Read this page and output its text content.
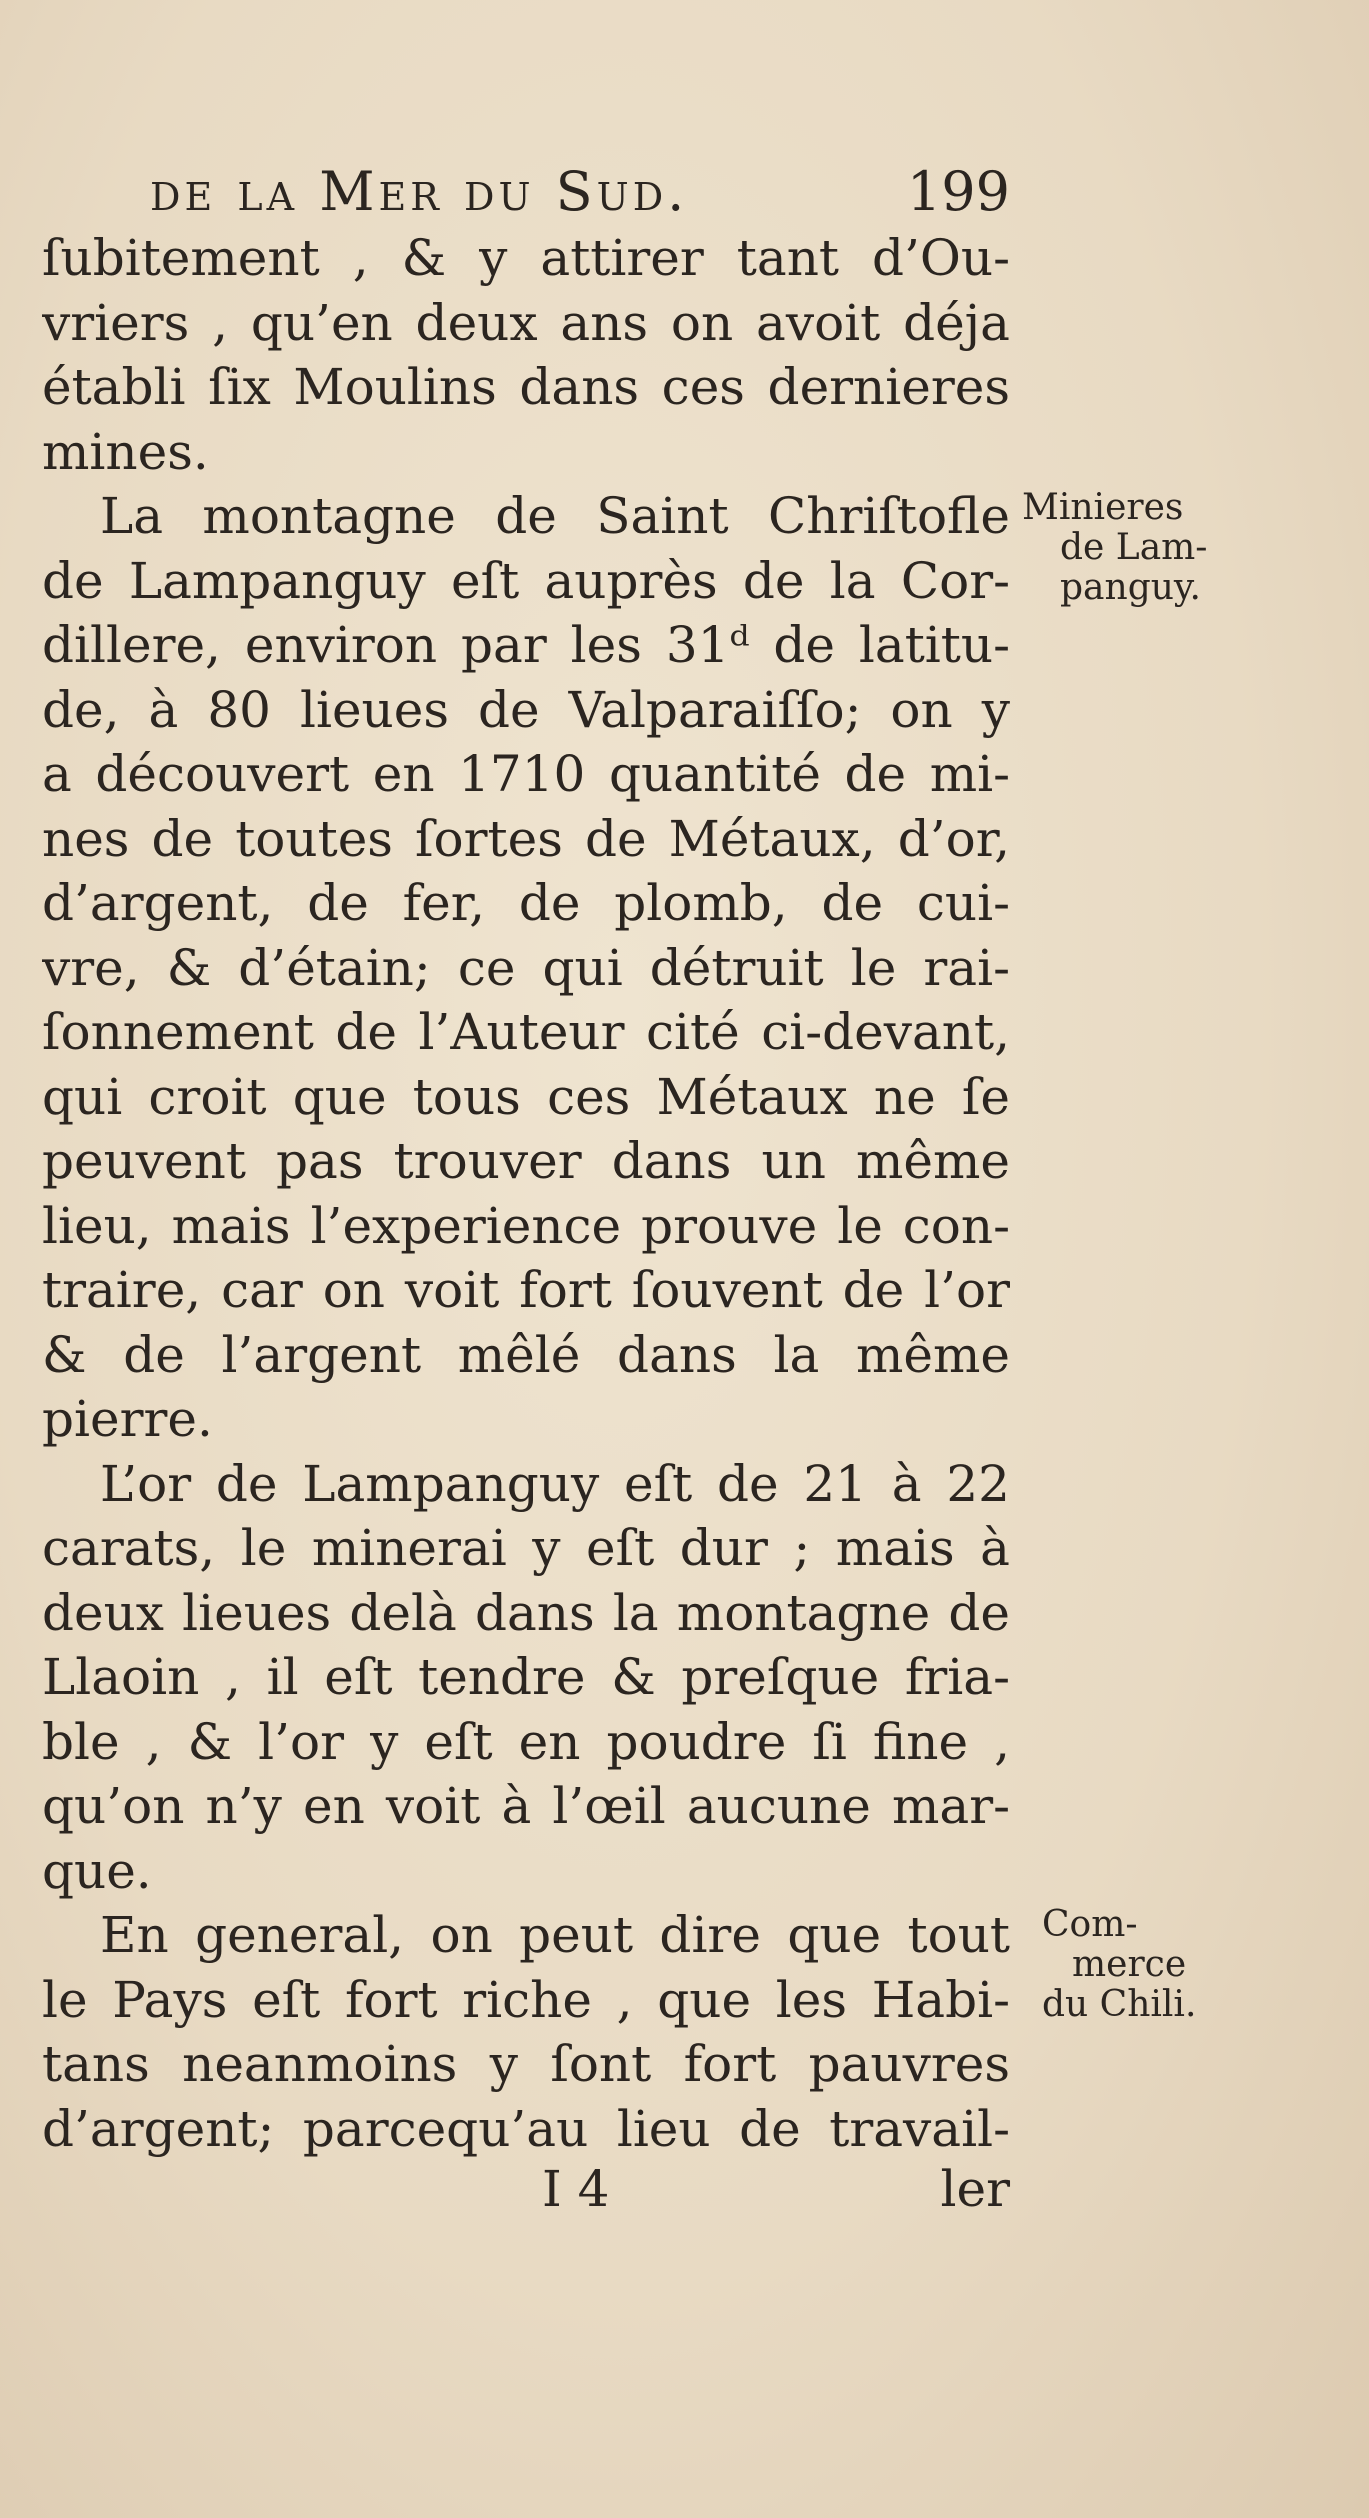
de la Mer du Sud.	199
ſubitement , & y attirer tant d’Ou-
vriers , qu’en deux ans on avoit déja
établi ſix Moulins dans ces dernieres
mines.
La montagne de Saint Chriſtofle
de Lampanguy eſt auprès de la Cor-
dillere, environ par les 31ᵈ de latitu-
de, à 80 lieues de Valparaiſſo; on y
a découvert en 1710 quantité de mi-
nes de toutes ſortes de Métaux, d’or,
d’argent, de fer, de plomb, de cui-
vre, & d’étain; ce qui détruit le rai-
ſonnement de l’Auteur cité ci-devant,
qui croit que tous ces Métaux ne ſe
peuvent pas trouver dans un même
lieu, mais l’experience prouve le con-
traire, car on voit fort ſouvent de l’or
& de l’argent mêlé dans la même
pierre.
L’or de Lampanguy eſt de 21 à 22
carats, le minerai y eſt dur ; mais à
deux lieues delà dans la montagne de
Llaoin , il eſt tendre & preſque fria-
ble , & l’or y eſt en poudre ſi fine ,
qu’on n’y en voit à l’œil aucune mar-
que.
En general, on peut dire que tout
le Pays eſt fort riche , que les Habi-
tans neanmoins y ſont fort pauvres
d’argent; parcequ’au lieu de travail-
Minieres
de Lam-
panguy.
Com-
merce
du Chili.
I 4	ler
